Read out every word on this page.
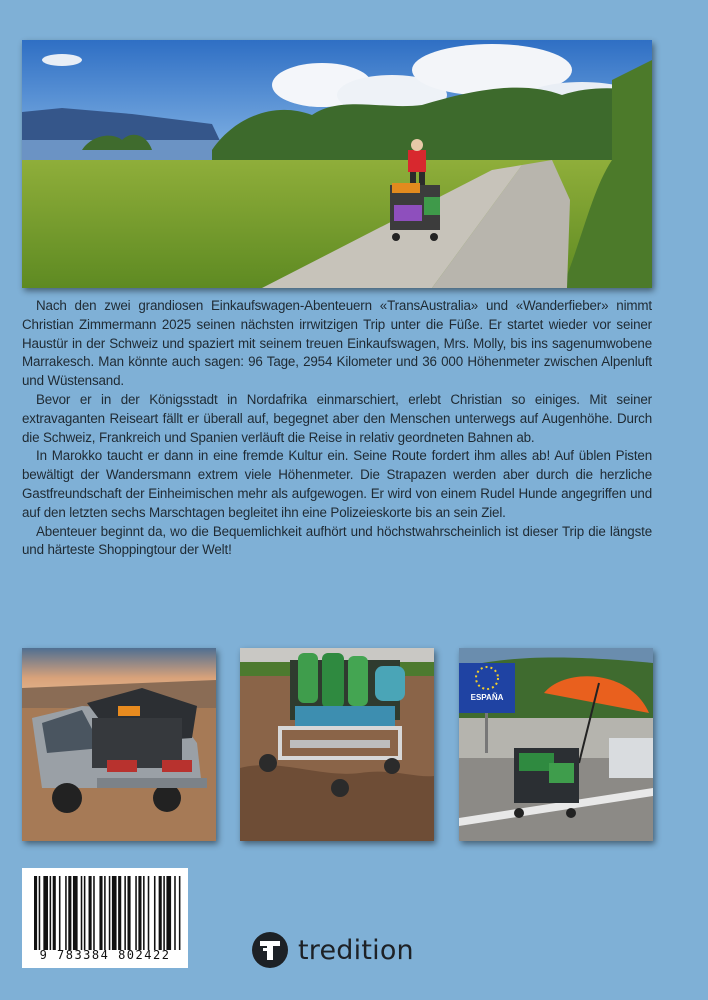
Nach den zwei grandiosen Einkaufswagen-Abenteuern «TransAustralia» und «Wanderfieber» nimmt Christian Zimmermann 2025 seinen nächsten irrwitzigen Trip unter die Füße. Er startet wieder vor seiner Haustür in der Schweiz und spaziert mit seinem treuen Einkaufswagen, Mrs. Molly, bis ins sagenumwobene Marrakesch. Man könnte auch sagen: 96 Tage, 2954 Kilometer und 36 000 Höhenmeter zwischen Alpenluft und Wüstensand.

Bevor er in der Königsstadt in Nordafrika einmarschiert, erlebt Christian so einiges. Mit seiner extravaganten Reiseart fällt er überall auf, begegnet aber den Menschen unterwegs auf Augenhöhe. Durch die Schweiz, Frankreich und Spanien verläuft die Reise in relativ geordneten Bahnen ab.

In Marokko taucht er dann in eine fremde Kultur ein. Seine Route fordert ihm alles ab! Auf üblen Pisten bewältigt der Wandersmann extrem viele Höhenmeter. Die Strapazen werden aber durch die herzliche Gastfreundschaft der Einheimischen mehr als aufgewogen. Er wird von einem Rudel Hunde angegriffen und auf den letzten sechs Marschtagen begleitet ihn eine Polizeieskorte bis an sein Ziel.

Abenteuer beginnt da, wo die Bequemlichkeit aufhört und höchstwahrscheinlich ist dieser Trip die längste und härteste Shoppingtour der Welt!

ESPAÑA
9 783384 802422	tredition
